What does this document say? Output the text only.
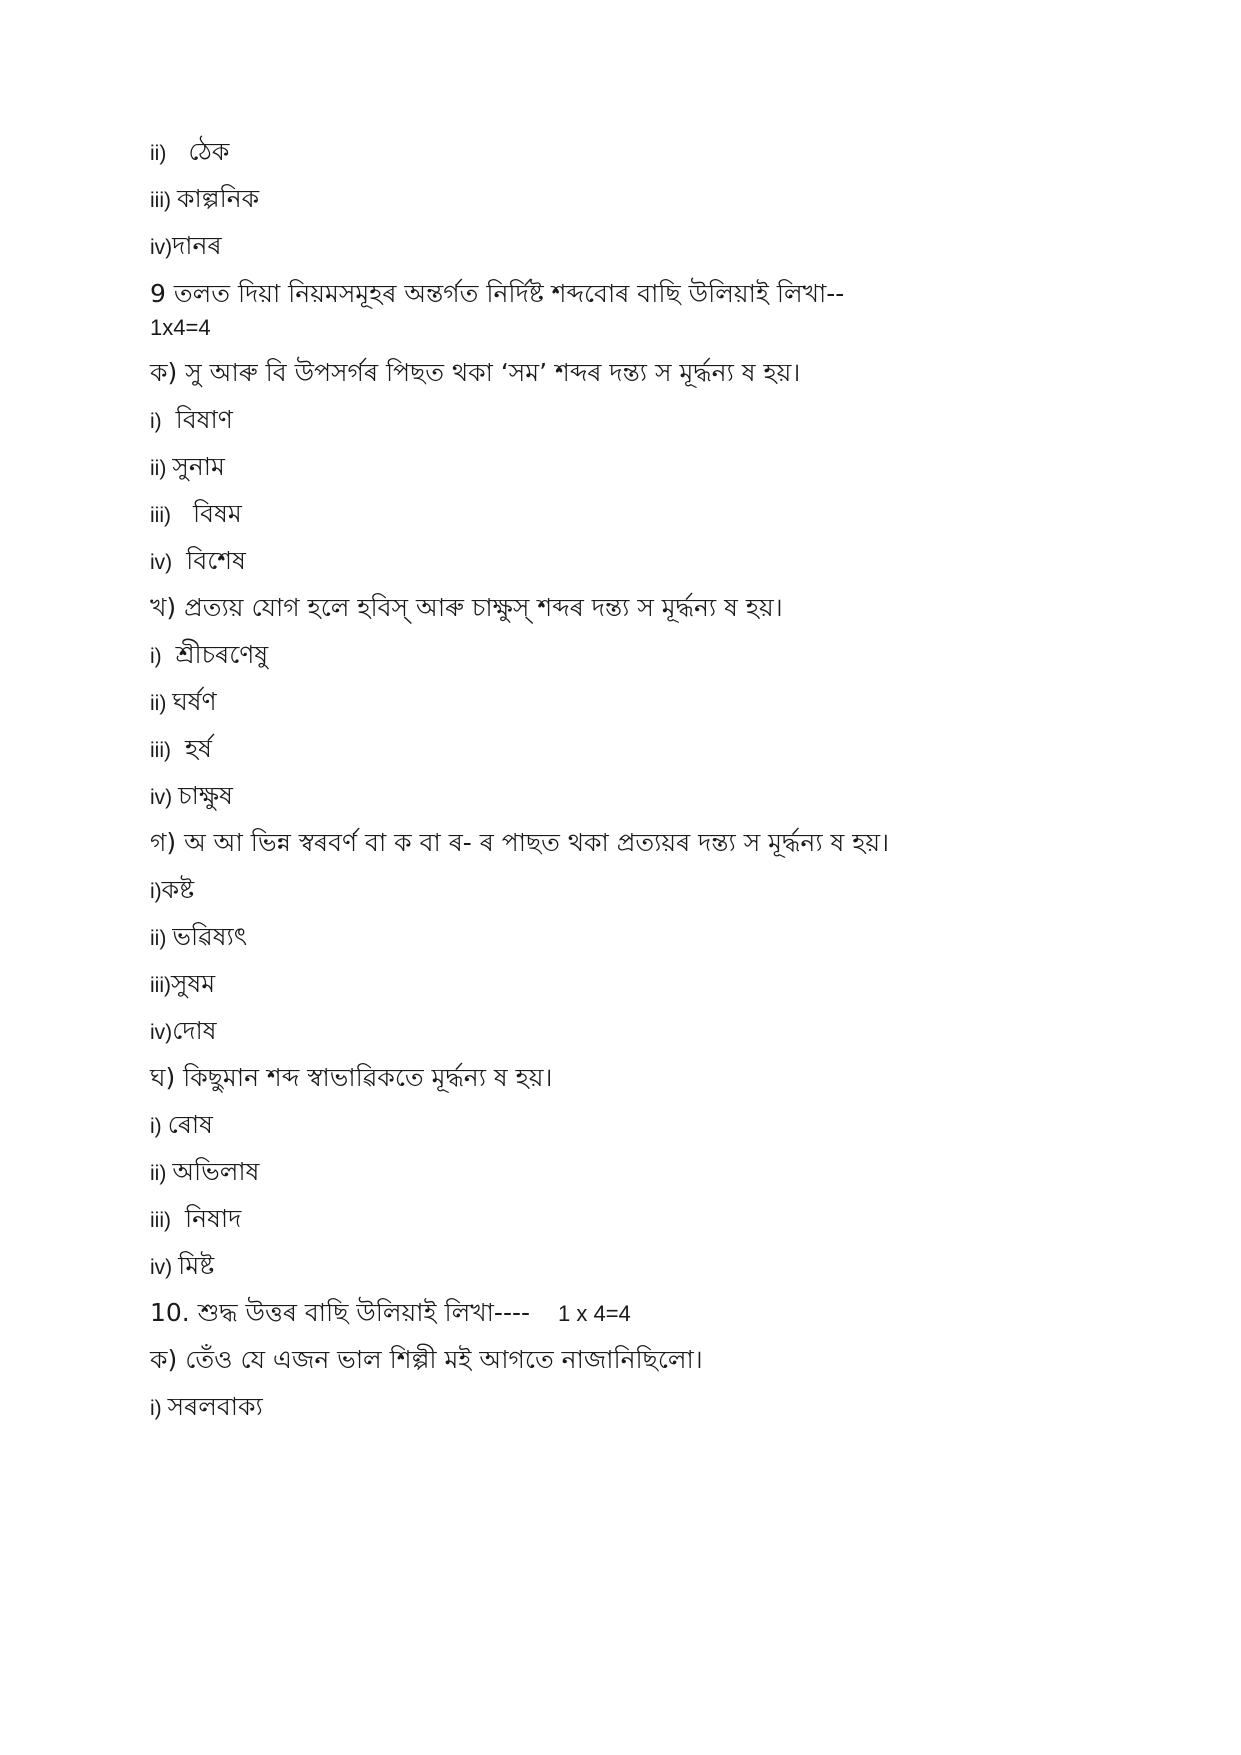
ii) ঠেক
iii) কাল্পনিক
iv)দানৰ
9 তলত দিয়া নিয়মসমূহৰ অন্তৰ্গত নিৰ্দিষ্ট শব্দবোৰ বাছি উলিয়াই লিখা--
1x4=4
ক) সু আৰু বি উপসৰ্গৰ পিছত থকা ‘সম’ শব্দৰ দন্ত্য স মূৰ্দ্ধন্য ষ হয়।
i) বিষাণ
ii) সুনাম
iii) বিষম
iv) বিশেষ
খ) প্ৰত্যয় যোগ হলে হবিস্ আৰু চাক্ষুস্ শব্দৰ দন্ত্য স মূৰ্দ্ধন্য ষ হয়।
i) শ্ৰীচৰণেষু
ii) ঘৰ্ষণ
iii) হৰ্ষ
iv) চাক্ষুষ
গ) অ আ ভিন্ন স্বৰবৰ্ণ বা ক বা ৰ- ৰ পাছত থকা প্ৰত্যয়ৰ দন্ত্য স মূৰ্দ্ধন্য ষ হয়।
i)কষ্ট
ii) ভৱিষ্যৎ
iii)সুষম
iv)দোষ
ঘ) কিছুমান শব্দ স্বাভাৱিকতে মূৰ্দ্ধন্য ষ হয়।
i) ৰোষ
ii) অভিলাষ
iii) নিষাদ
iv) মিষ্ট
10. শুদ্ধ উত্তৰ বাছি উলিয়াই লিখা---- 1 x 4=4
ক) তেঁও যে এজন ভাল শিল্পী মই আগতে নাজানিছিলো।
i) সৰলবাক্য
